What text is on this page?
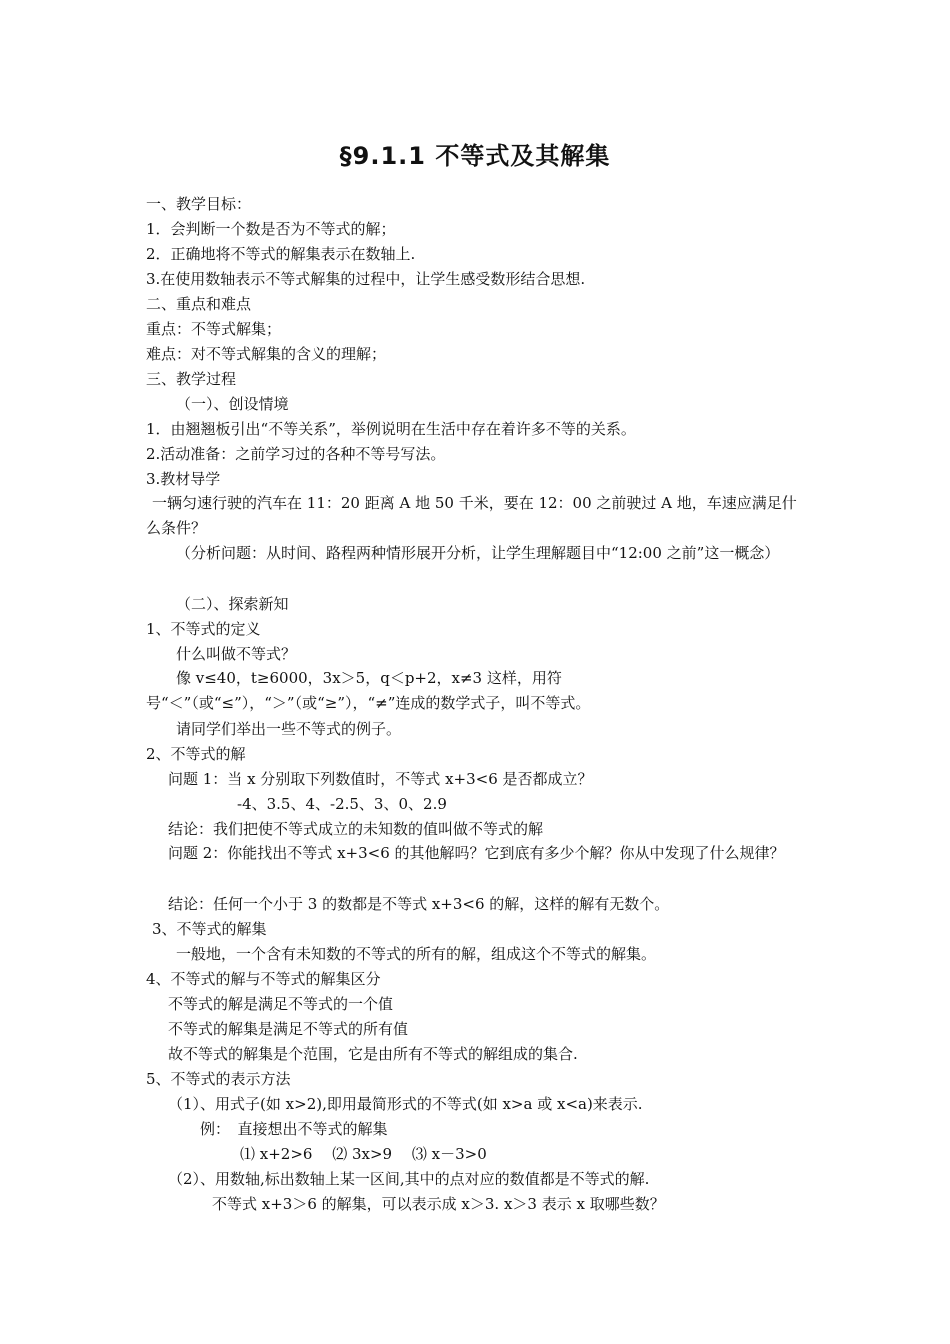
§9.1.1 不等式及其解集
一、教学目标：
1．会判断一个数是否为不等式的解；
2．正确地将不等式的解集表示在数轴上.
3.在使用数轴表示不等式解集的过程中，让学生感受数形结合思想.
二、重点和难点
重点：不等式解集；
难点：对不等式解集的含义的理解；
三、教学过程
（一）、创设情境
1．由翘翘板引出“不等关系”，举例说明在生活中存在着许多不等的关系。
2.活动准备：之前学习过的各种不等号写法。
3.教材导学
一辆匀速行驶的汽车在 11：20 距离 A 地 50 千米，要在 12：00 之前驶过 A 地，车速应满足什么条件？
（分析问题：从时间、路程两种情形展开分析，让学生理解题目中“12:00 之前”这一概念）
（二）、探索新知
1、不等式的定义
什么叫做不等式？
像 v≤40，t≥6000，3x＞5，q＜p+2，x≠3 这样，用符号“＜”（或“≤”），“＞”（或“≥”），“≠”连成的数学式子，叫不等式。
请同学们举出一些不等式的例子。
2、不等式的解
问题 1：当 x 分别取下列数值时，不等式 x+3<6 是否都成立？
-4、3.5、4、-2.5、3、0、2.9
结论：我们把使不等式成立的未知数的值叫做不等式的解
问题 2：你能找出不等式 x+3<6 的其他解吗？它到底有多少个解？你从中发现了什么规律？
结论：任何一个小于 3 的数都是不等式 x+3<6 的解，这样的解有无数个。
3、不等式的解集
一般地，一个含有未知数的不等式的所有的解，组成这个不等式的解集。
4、不等式的解与不等式的解集区分
不等式的解是满足不等式的一个值
不等式的解集是满足不等式的所有值
故不等式的解集是个范围，它是由所有不等式的解组成的集合.
5、不等式的表示方法
（1）、用式子(如 x>2),即用最简形式的不等式(如 x>a 或 x<a)来表示.
例：　直接想出不等式的解集
⑴ x+2>6　 ⑵ 3x>9　 ⑶ x－3>0
（2）、用数轴,标出数轴上某一区间,其中的点对应的数值都是不等式的解.
不等式 x+3＞6 的解集，可以表示成 x＞3. x＞3 表示 x 取哪些数？
